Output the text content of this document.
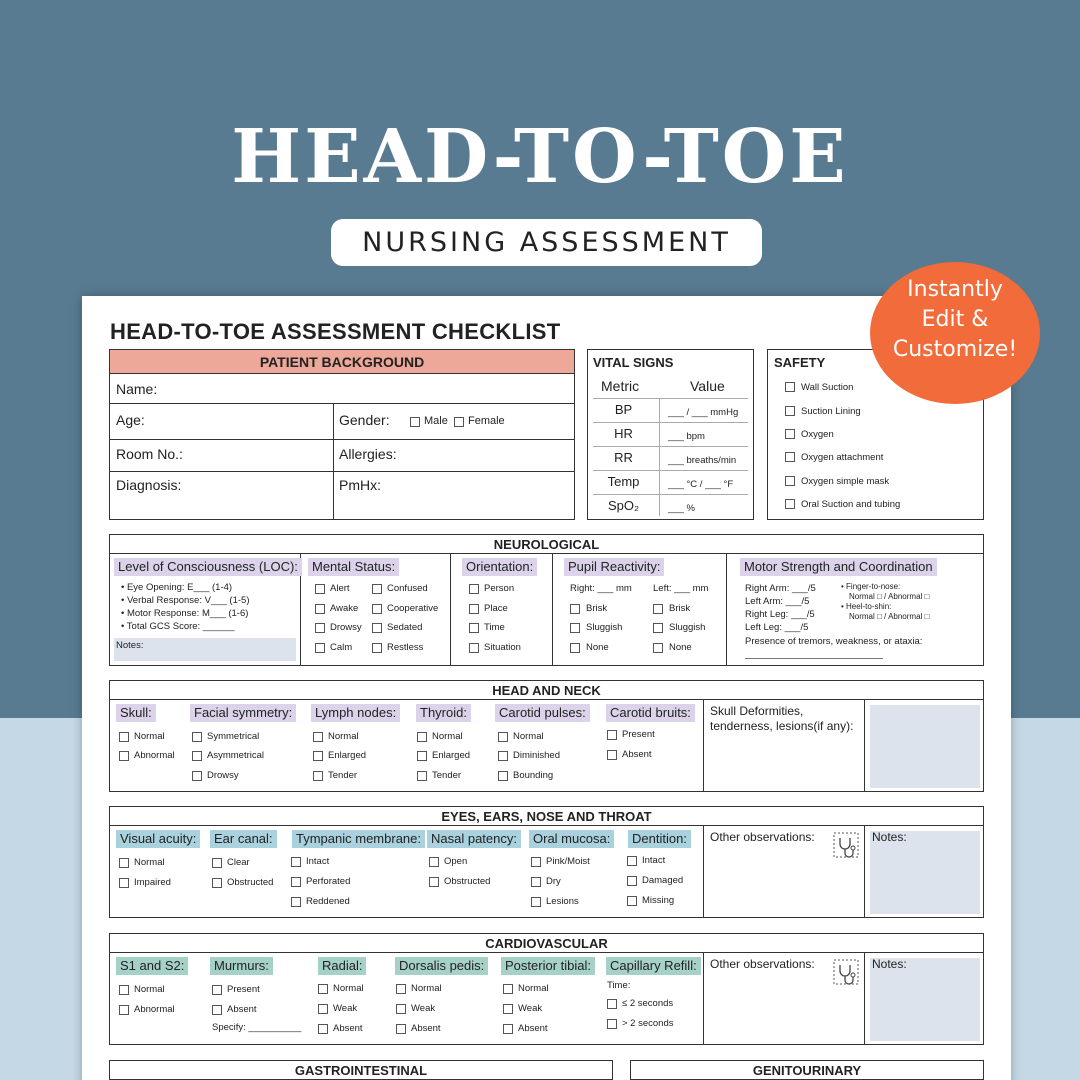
HEAD-TO-TOE
NURSING ASSESSMENT
HEAD-TO-TOE ASSESSMENT CHECKLIST
PATIENT BACKGROUND
Name:
Age:	Gender:	Male Female
Room No.:	Allergies:
Diagnosis:	PmHx:
VITAL SIGNS
Metric	Value
BP	___ / ___ mmHg
HR	___ bpm
RR	___ breaths/min
Temp	___ °C / ___ °F
SpO₂	___ %
SAFETY
Wall Suction
Suction Lining
Oxygen
Oxygen attachment
Oxygen simple mask
Oral Suction and tubing
NEUROLOGICAL
Level of Consciousness (LOC):
• Eye Opening: E___ (1-4)
• Verbal Response: V___ (1-5)
• Motor Response: M___ (1-6)
• Total GCS Score: ______
Notes:
Mental Status:
Alert
Awake
Drowsy
Calm
Confused
Cooperative
Sedated
Restless
Orientation:
Person
Place
Time
Situation
Pupil Reactivity:
Right: ___ mm Left: ___ mm
Brisk
Sluggish
None
Brisk
Sluggish
None
Motor Strength and Coordination
Right Arm: ___/5
Left Arm: ___/5
Right Leg: ___/5
Left Leg: ___/5
• Finger-to-nose:
Normal □ / Abnormal □
• Heel-to-shin:
Normal □ / Abnormal □
Presence of tremors, weakness, or ataxia:
HEAD AND NECK
Skull:
Normal
Abnormal
Facial symmetry:
Symmetrical
Asymmetrical
Drowsy
Lymph nodes:
Normal
Enlarged
Tender
Thyroid:
Normal
Enlarged
Tender
Carotid pulses:
Normal
Diminished
Bounding
Carotid bruits:
Present
Absent
Skull Deformities, tenderness, lesions(if any):
EYES, EARS, NOSE AND THROAT
Visual acuity:
Normal
Impaired
Ear canal:
Clear
Obstructed
Tympanic membrane:
Intact
Perforated
Reddened
Nasal patency:
Open
Obstructed
Oral mucosa:
Pink/Moist
Dry
Lesions
Dentition:
Intact
Damaged
Missing
Other observations:	Notes:
CARDIOVASCULAR
S1 and S2:
Normal
Abnormal
Murmurs:
Present
Absent
Specify: __________
Radial:
Normal
Weak
Absent
Dorsalis pedis:
Normal
Weak
Absent
Posterior tibial:
Normal
Weak
Absent
Capillary Refill:
Time:
≤ 2 seconds
> 2 seconds
Other observations:	Notes:
GASTROINTESTINAL	GENITOURINARY
Instantly
Edit &
Customize!
